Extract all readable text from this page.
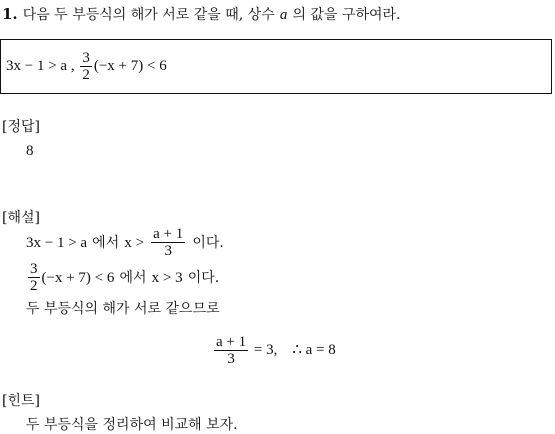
1. 다음 두 부등식의 해가 서로 같을 때, 상수 a 의 값을 구하여라.
3x − 1 > a , $\frac{3}{2} (-x + 7) < 6$
[정답]
8
[해설]
3x − 1 > a 에서 $x > \frac{a + 1}{3}$ 이다.
$\frac{3}{2} (-x + 7) < 6$ 에서 x > 3 이다.
두 부등식의 해가 서로 같으므로
$\frac{a + 1}{3} = 3$,    ∴ a = 8
[힌트]
두 부등식을 정리하여 비교해 보자.
